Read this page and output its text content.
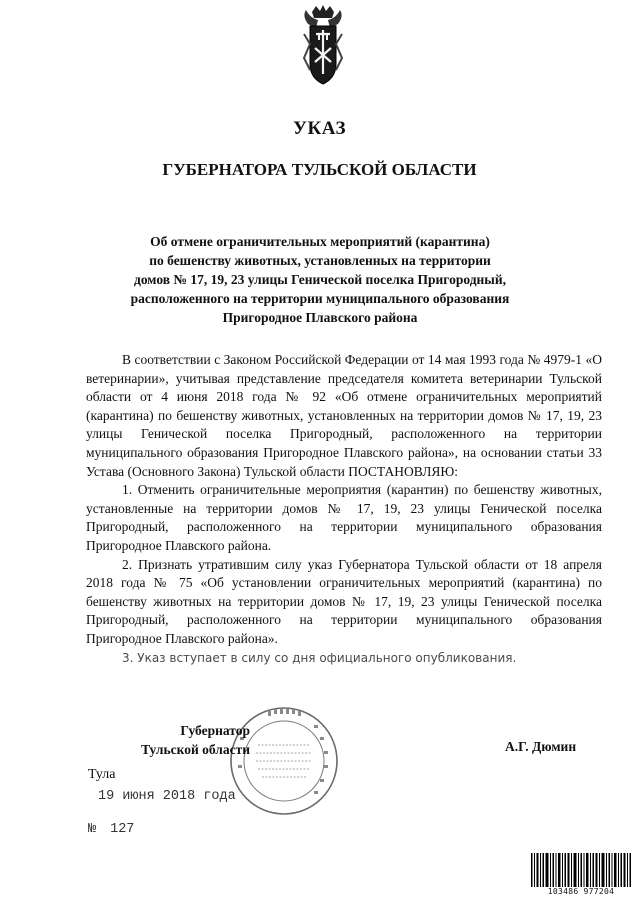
УКАЗ
ГУБЕРНАТОРА ТУЛЬСКОЙ ОБЛАСТИ
Об отмене ограничительных мероприятий (карантина)
по бешенству животных, установленных на территории
домов № 17, 19, 23 улицы Генической поселка Пригородный,
расположенного на территории муниципального образования
Пригородное Плавского района

В соответствии с Законом Российской Федерации от 14 мая 1993 года № 4979-1 «О ветеринарии», учитывая представление председателя комитета ветеринарии Тульской области от 4 июня 2018 года № 92 «Об отмене ограничительных мероприятий (карантина) по бешенству животных, установленных на территории домов № 17, 19, 23 улицы Генической поселка Пригородный, расположенного на территории муниципального образования Пригородное Плавского района», на основании статьи 33 Устава (Основного Закона) Тульской области ПОСТАНОВЛЯЮ:

1. Отменить ограничительные мероприятия (карантин) по бешенству животных, установленные на территории домов № 17, 19, 23 улицы Генической поселка Пригородный, расположенного на территории муниципального образования Пригородное Плавского района.

2. Признать утратившим силу указ Губернатора Тульской области от 18 апреля 2018 года № 75 «Об установлении ограничительных мероприятий (карантина) по бешенству животных на территории домов № 17, 19, 23 улицы Генической поселка Пригородный, расположенного на территории муниципального образования Пригородное Плавского района».

3. Указ вступает в силу со дня официального опубликования.

Губернатор
Тульской области	А.Г. Дюмин
Тула
19 июня 2018 года
№ 127
103486 977204
